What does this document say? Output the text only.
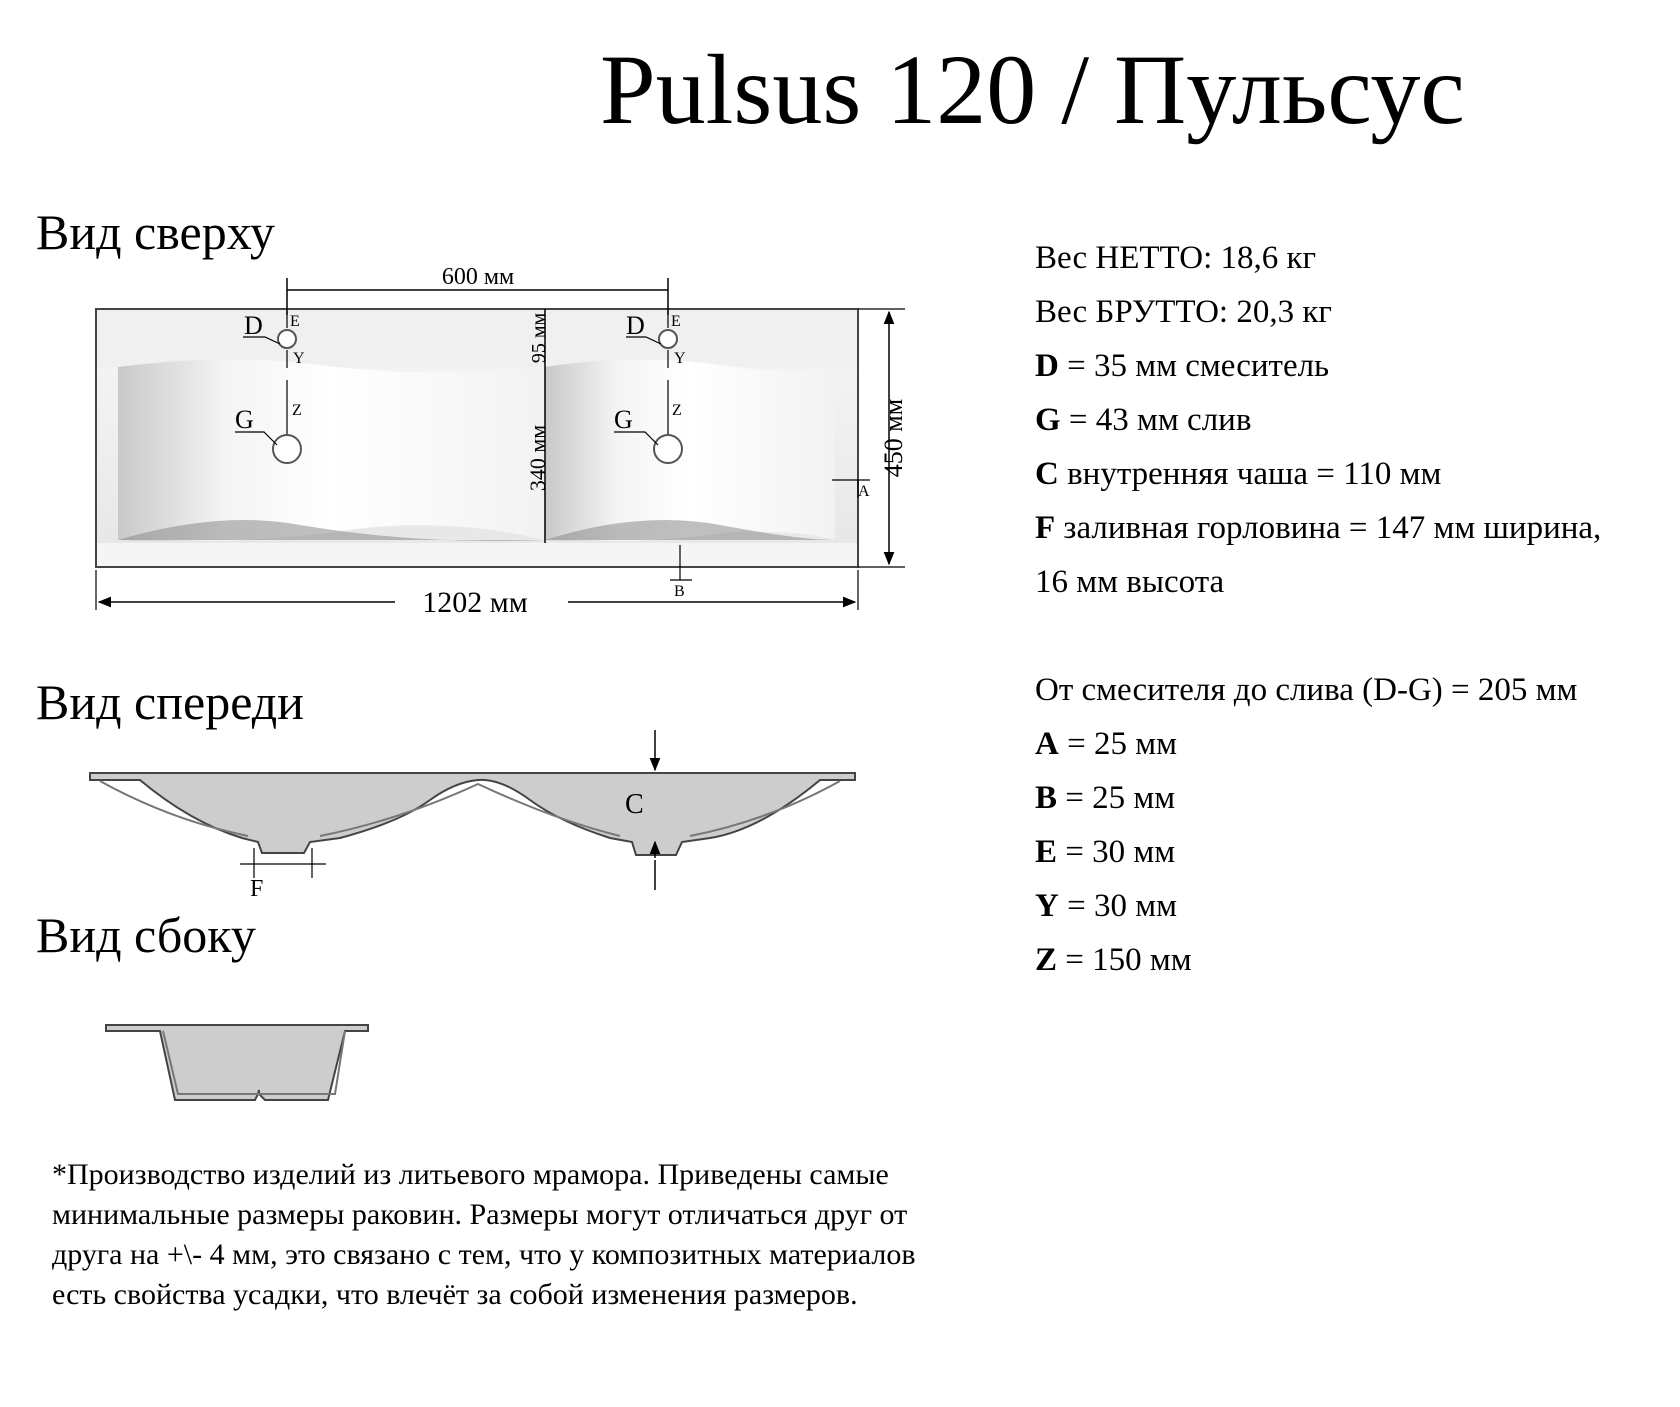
Pulsus 120 / Пульсус
Вид сверху
Вид спереди
Вид сбоку
600 мм
D E
Y
G Z
D E
Y
G Z
95 мм
340 мм	450 мм
A
B
1202 мм
C
F
Вес НЕТТО: 18,6 кг
Вес БРУТТО: 20,3 кг
D = 35 мм смеситель
G = 43 мм слив
C внутренняя чаша = 110 мм
F заливная горловина = 147 мм ширина,
16 мм высота
От смесителя до слива (D-G) = 205 мм
A = 25 мм
B = 25 мм
E = 30 мм
Y = 30 мм
Z = 150 мм
*Производство изделий из литьевого мрамора. Приведены самые минимальные размеры раковин. Размеры могут отличаться друг от друга на +\- 4 мм, это связано с тем, что у композитных материалов есть свойства усадки, что влечёт за собой изменения размеров.
